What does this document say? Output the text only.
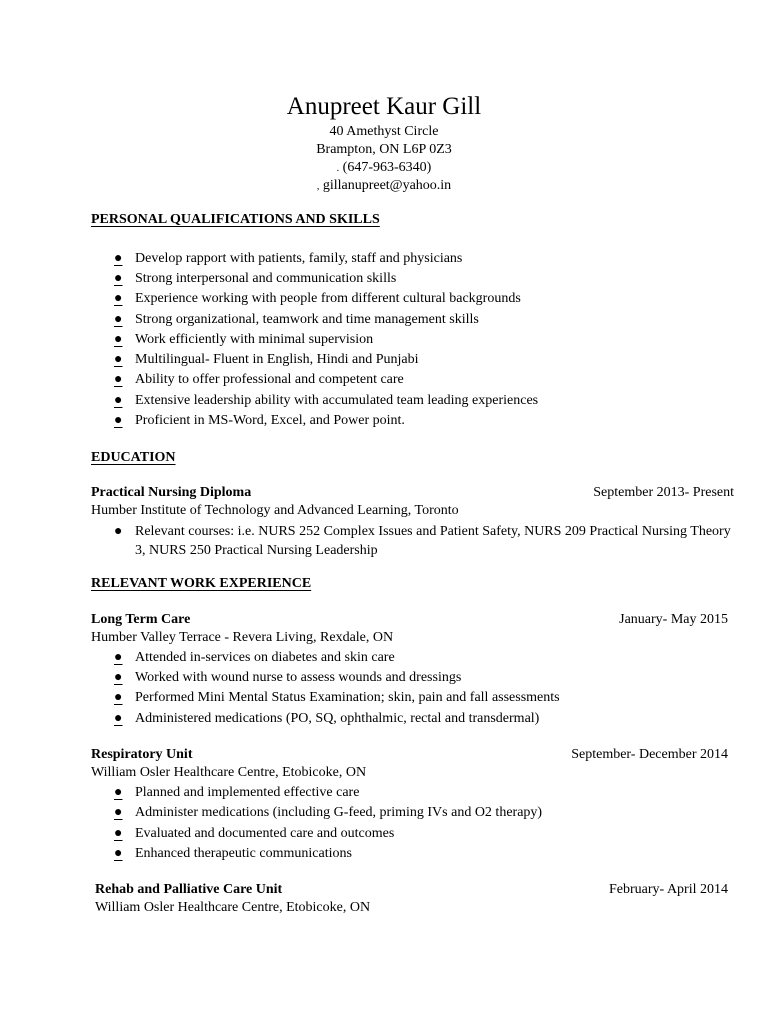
Anupreet Kaur Gill
40 Amethyst Circle
Brampton, ON L6P 0Z3
. (647-963-6340)
, gillanupreet@yahoo.in
PERSONAL QUALIFICATIONS AND SKILLS
● Develop rapport with patients, family, staff and physicians
● Strong interpersonal and communication skills
● Experience working with people from different cultural backgrounds
● Strong organizational, teamwork and time management skills
● Work efficiently with minimal supervision
● Multilingual- Fluent in English, Hindi and Punjabi
● Ability to offer professional and competent care
● Extensive leadership ability with accumulated team leading experiences
● Proficient in MS-Word, Excel, and Power point.
EDUCATION
Practical Nursing Diploma	September 2013- Present
Humber Institute of Technology and Advanced Learning, Toronto
● Relevant courses: i.e. NURS 252 Complex Issues and Patient Safety, NURS 209 Practical Nursing Theory 3, NURS 250 Practical Nursing Leadership
RELEVANT WORK EXPERIENCE
Long Term Care	January- May 2015
Humber Valley Terrace - Revera Living, Rexdale, ON
● Attended in-services on diabetes and skin care
● Worked with wound nurse to assess wounds and dressings
● Performed Mini Mental Status Examination; skin, pain and fall assessments
● Administered medications (PO, SQ, ophthalmic, rectal and transdermal)
Respiratory Unit	September- December 2014
William Osler Healthcare Centre, Etobicoke, ON
● Planned and implemented effective care
● Administer medications (including G-feed, priming IVs and O2 therapy)
● Evaluated and documented care and outcomes
● Enhanced therapeutic communications
Rehab and Palliative Care Unit	February- April 2014
William Osler Healthcare Centre, Etobicoke, ON
